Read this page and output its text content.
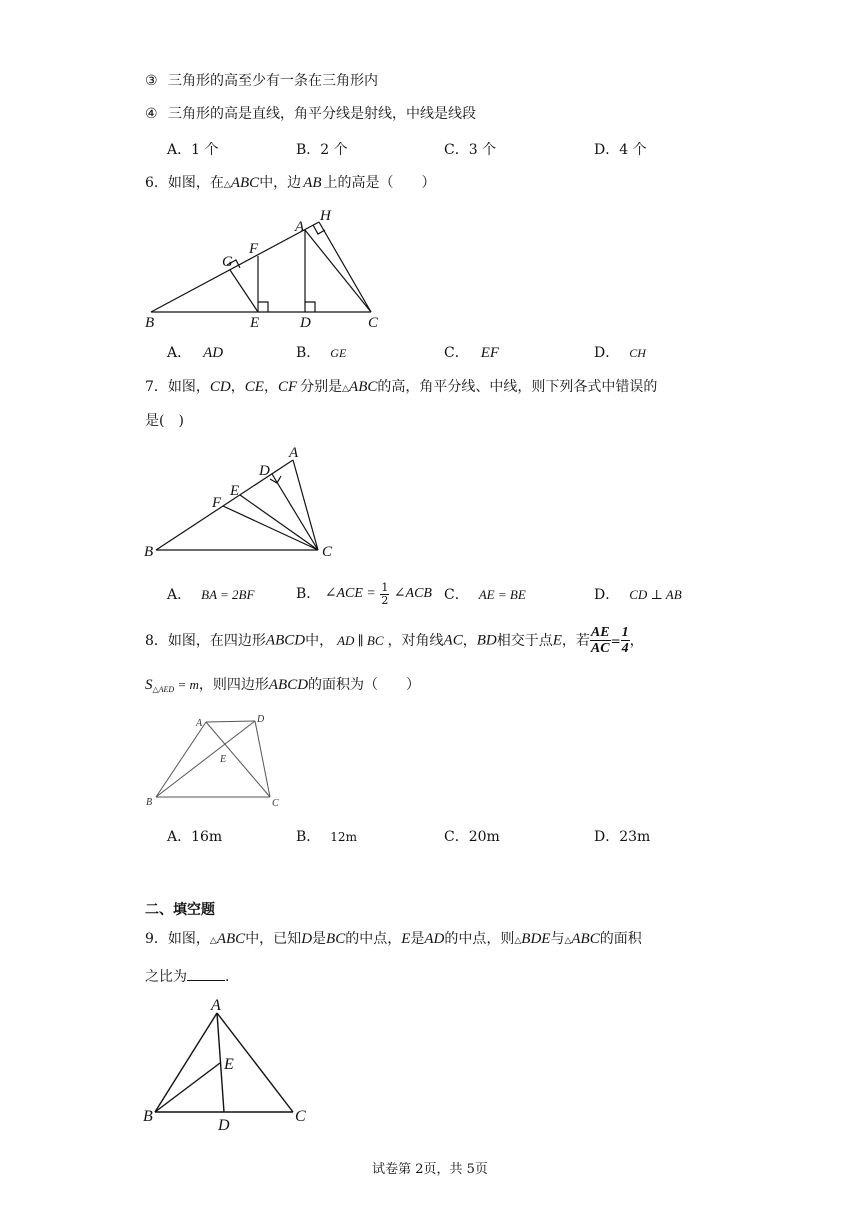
③ 三角形的高至少有一条在三角形内
④ 三角形的高是直线，角平分线是射线，中线是线段
A．1 个	B．2 个	C．3 个	D．4 个
6．如图，在△ABC中，边 AB 上的高是（　　）
A
H
G
F
B	E	D	C
A． AD	B． GE	C． EF	D． CH
7．如图，CD，CE，CF 分别是△ABC的高，角平分线、中线，则下列各式中错误的
是(　)
A
D
E
F
B	C
A． BA = 2BF	B． ∠ACE = $\frac{1}{2}$ ∠ACB C． AE = BE	D． CD ⊥ AB
8．如图，在四边形ABCD中， AD ∥ BC ，对角线AC，BD相交于点E，若 $\frac{AE}{AC} = \frac{1}{4}$ ，
$S_{\triangle AED} = m$，则四边形ABCD的面积为（　　）
A	D
E
B	C
A．16m	B． 12m	C．20m	D．23m
二、填空题
9．如图，△ABC中，已知D是BC的中点，E是AD的中点，则△BDE与△ABC的面积
之比为	.
A
E
B
D
C
试卷第 2页，共 5页
